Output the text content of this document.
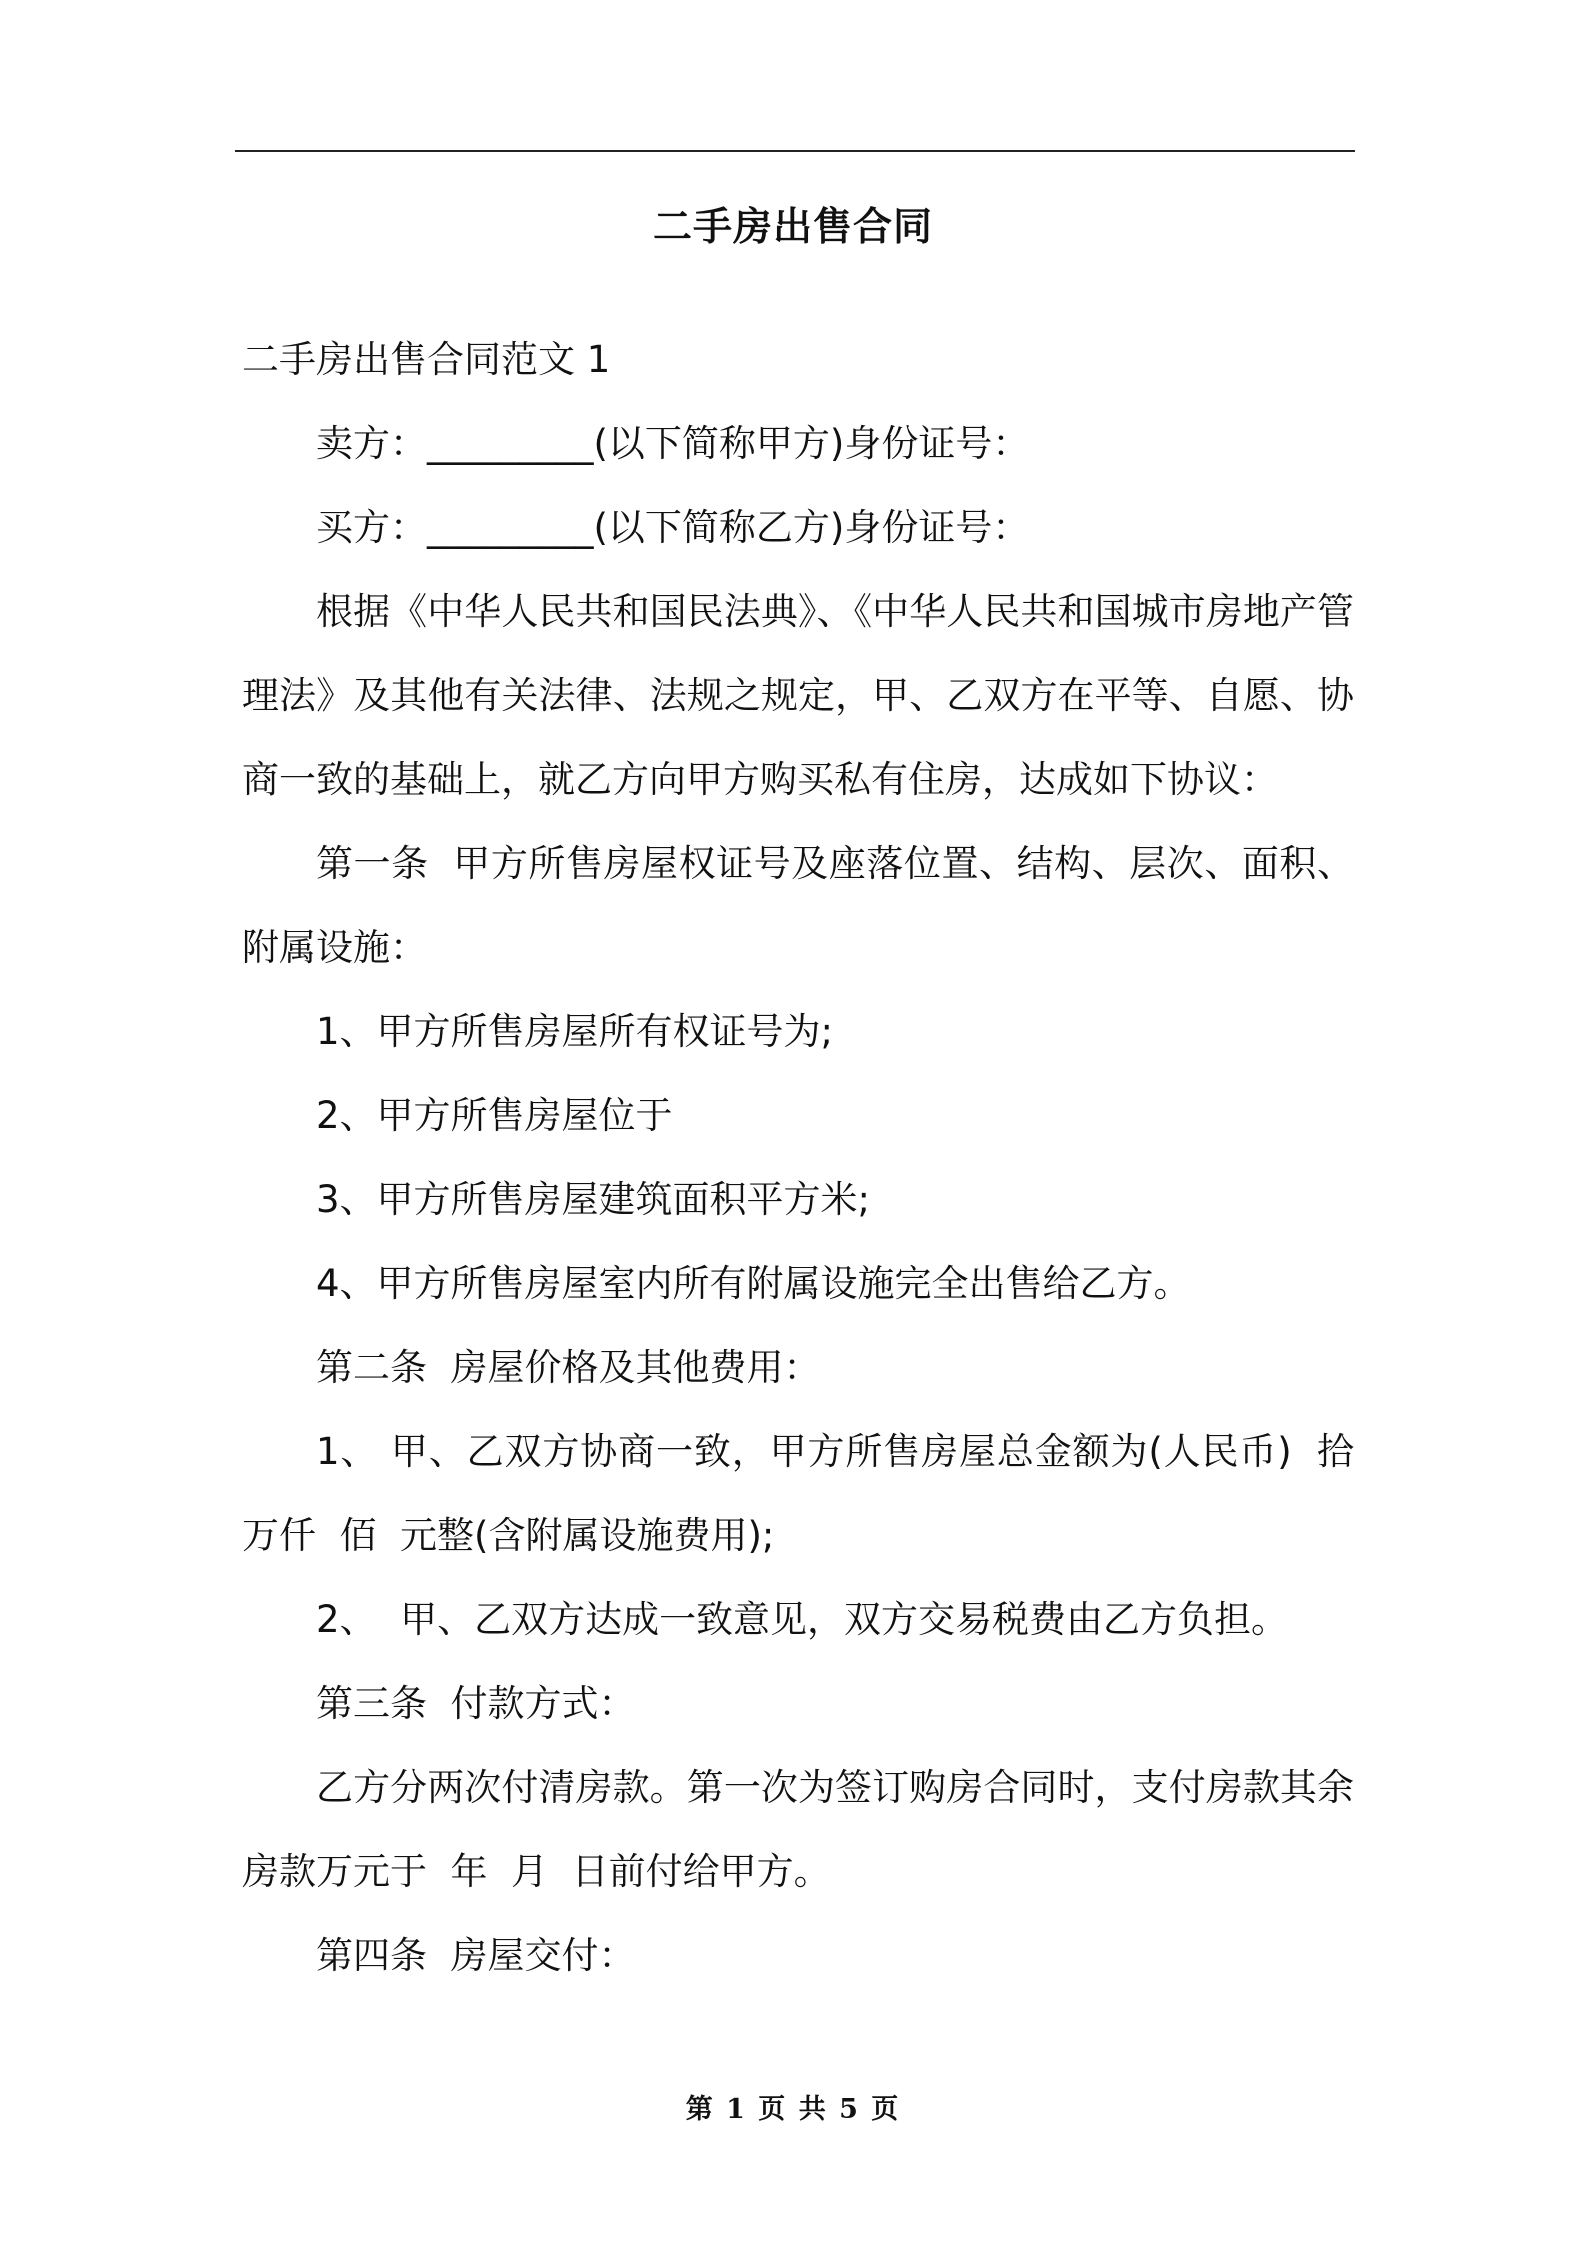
二手房出售合同

二手房出售合同范文 1

卖方：_________(以下简称甲方)身份证号：

买方：_________(以下简称乙方)身份证号：

根据《中华人民共和国民法典》、《中华人民共和国城市房地产管理法》及其他有关法律、法规之规定，甲、乙双方在平等、自愿、协商一致的基础上，就乙方向甲方购买私有住房，达成如下协议：

第一条  甲方所售房屋权证号及座落位置、结构、层次、面积、附属设施：

1、甲方所售房屋所有权证号为;

2、甲方所售房屋位于

3、甲方所售房屋建筑面积平方米;

4、甲方所售房屋室内所有附属设施完全出售给乙方。

第二条  房屋价格及其他费用：

1、 甲、乙双方协商一致，甲方所售房屋总金额为(人民币)  拾  万仟  佰  元整(含附属设施费用);

2、  甲、乙双方达成一致意见，双方交易税费由乙方负担。

第三条  付款方式：

乙方分两次付清房款。第一次为签订购房合同时，支付房款其余房款万元于  年  月  日前付给甲方。

第四条  房屋交付：

第 1 页 共 5 页
